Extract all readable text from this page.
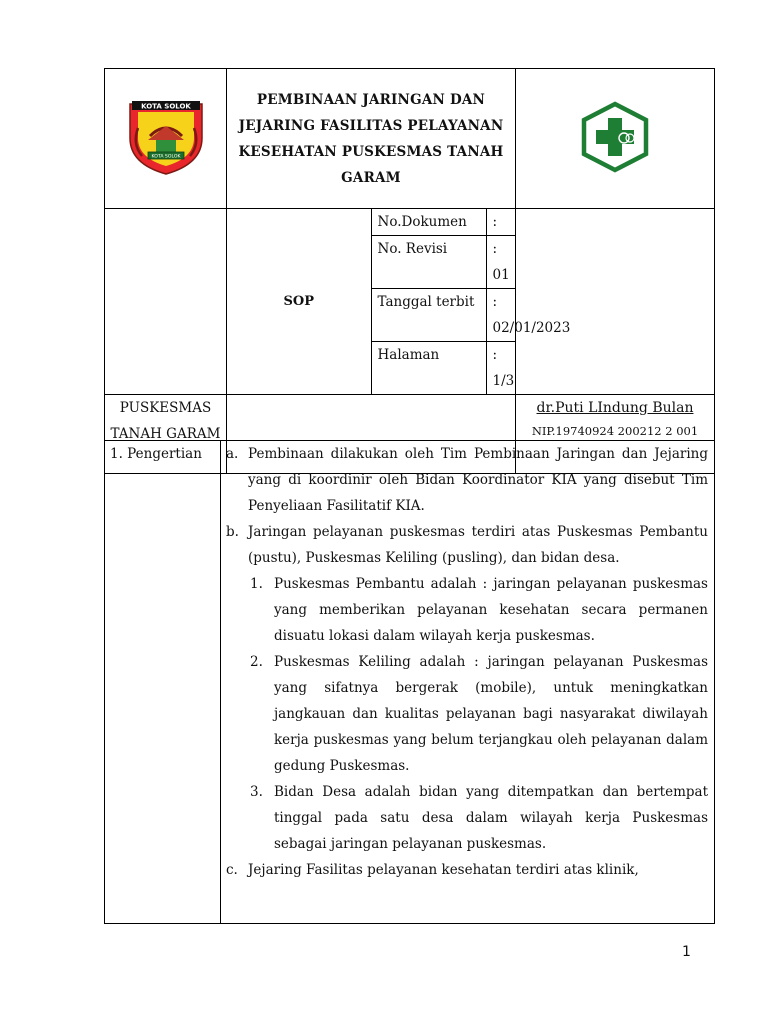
KOTA SOLOK
KOTA SOLOK
	PEMBINAAN JARINGAN DAN JEJARING FASILITAS PELAYANAN KESEHATAN PUSKESMAS TANAH GARAM	
	SOP	
No.Dokumen	:
No. Revisi	: 01
Tanggal terbit	: 02/01/2023
Halaman	: 1/3

PUSKESMAS TANAH GARAM		
dr.Puti LIndung Bulan
NIP.19740924 200212 2 001
1. Pengertian	a. Pembinaan dilakukan oleh Tim Pembinaan Jaringan dan Jejaring yang di koordinir oleh Bidan Koordinator KIA yang disebut Tim Penyeliaan Fasilitatif KIA.
b. Jaringan pelayanan puskesmas terdiri atas Puskesmas Pembantu (pustu), Puskesmas Keliling (pusling), dan bidan desa.
1. Puskesmas Pembantu adalah : jaringan pelayanan puskesmas yang memberikan pelayanan kesehatan secara permanen disuatu lokasi dalam wilayah kerja puskesmas.
2. Puskesmas Keliling adalah : jaringan pelayanan Puskesmas yang sifatnya bergerak (mobile), untuk meningkatkan jangkauan dan kualitas pelayanan bagi nasyarakat diwilayah kerja puskesmas yang belum terjangkau oleh pelayanan dalam gedung Puskesmas.
3. Bidan Desa adalah bidan yang ditempatkan dan bertempat tinggal pada satu desa dalam wilayah kerja Puskesmas sebagai jaringan pelayanan puskesmas.
c. Jejaring Fasilitas pelayanan kesehatan terdiri atas klinik,
1
